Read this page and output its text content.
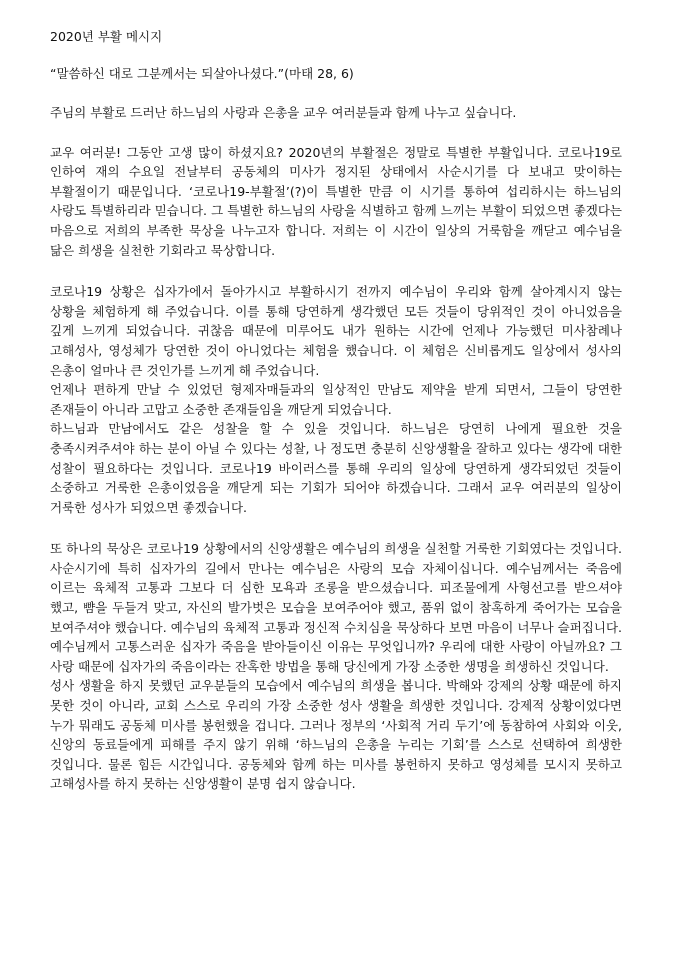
2020년 부활 메시지

“말씀하신 대로 그분께서는 되살아나셨다.”(마태 28, 6)

주님의 부활로 드러난 하느님의 사랑과 은총을 교우 여러분들과 함께 나누고 싶습니다.

교우 여러분! 그동안 고생 많이 하셨지요? 2020년의 부활절은 정말로 특별한 부활입니다. 코로나19로 인하여 재의 수요일 전날부터 공동체의 미사가 정지된 상태에서 사순시기를 다 보내고 맞이하는 부활절이기 때문입니다. ‘코로나19-부활절’(?)이 특별한 만큼 이 시기를 통하여 섭리하시는 하느님의 사랑도 특별하리라 믿습니다. 그 특별한 하느님의 사랑을 식별하고 함께 느끼는 부활이 되었으면 좋겠다는 마음으로 저희의 부족한 묵상을 나누고자 합니다. 저희는 이 시간이 일상의 거룩함을 깨닫고 예수님을 닮은 희생을 실천한 기회라고 묵상합니다.

코로나19 상황은 십자가에서 돌아가시고 부활하시기 전까지 예수님이 우리와 함께 살아계시지 않는 상황을 체험하게 해 주었습니다. 이를 통해 당연하게 생각했던 모든 것들이 당위적인 것이 아니었음을 깊게 느끼게 되었습니다. 귀찮음 때문에 미루어도 내가 원하는 시간에 언제나 가능했던 미사참례나 고해성사, 영성체가 당연한 것이 아니었다는 체험을 했습니다. 이 체험은 신비롭게도 일상에서 성사의 은총이 얼마나 큰 것인가를 느끼게 해 주었습니다.

언제나 편하게 만날 수 있었던 형제자매들과의 일상적인 만남도 제약을 받게 되면서, 그들이 당연한 존재들이 아니라 고맙고 소중한 존재들임을 깨닫게 되었습니다.

하느님과 만남에서도 같은 성찰을 할 수 있을 것입니다. 하느님은 당연히 나에게 필요한 것을 충족시켜주셔야 하는 분이 아닐 수 있다는 성찰, 나 정도면 충분히 신앙생활을 잘하고 있다는 생각에 대한 성찰이 필요하다는 것입니다. 코로나19 바이러스를 통해 우리의 일상에 당연하게 생각되었던 것들이 소중하고 거룩한 은총이었음을 깨닫게 되는 기회가 되어야 하겠습니다. 그래서 교우 여러분의 일상이 거룩한 성사가 되었으면 좋겠습니다.

또 하나의 묵상은 코로나19 상황에서의 신앙생활은 예수님의 희생을 실천할 거룩한 기회였다는 것입니다. 사순시기에 특히 십자가의 길에서 만나는 예수님은 사랑의 모습 자체이십니다. 예수님께서는 죽음에 이르는 육체적 고통과 그보다 더 심한 모욕과 조롱을 받으셨습니다. 피조물에게 사형선고를 받으셔야 했고, 뺨을 두들겨 맞고, 자신의 발가벗은 모습을 보여주어야 했고, 품위 없이 참혹하게 죽어가는 모습을 보여주셔야 했습니다. 예수님의 육체적 고통과 정신적 수치심을 묵상하다 보면 마음이 너무나 슬퍼집니다. 예수님께서 고통스러운 십자가 죽음을 받아들이신 이유는 무엇입니까? 우리에 대한 사랑이 아닐까요? 그 사랑 때문에 십자가의 죽음이라는 잔혹한 방법을 통해 당신에게 가장 소중한 생명을 희생하신 것입니다.

성사 생활을 하지 못했던 교우분들의 모습에서 예수님의 희생을 봅니다. 박해와 강제의 상황 때문에 하지 못한 것이 아니라, 교회 스스로 우리의 가장 소중한 성사 생활을 희생한 것입니다. 강제적 상황이었다면 누가 뭐래도 공동체 미사를 봉헌했을 겁니다. 그러나 정부의 ‘사회적 거리 두기’에 동참하여 사회와 이웃, 신앙의 동료들에게 피해를 주지 않기 위해 ‘하느님의 은총을 누리는 기회’를 스스로 선택하여 희생한 것입니다. 물론 힘든 시간입니다. 공동체와 함께 하는 미사를 봉헌하지 못하고 영성체를 모시지 못하고 고해성사를 하지 못하는 신앙생활이 분명 쉽지 않습니다.
